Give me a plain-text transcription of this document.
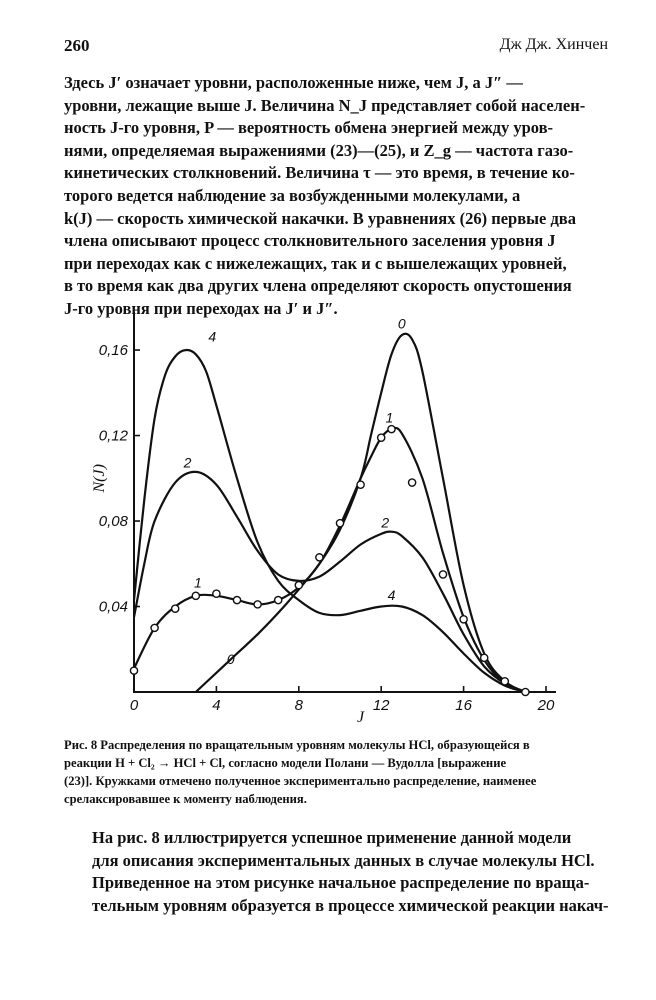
260	Дж Дж. Хинчен
Здесь J′ означает уровни, расположенные ниже, чем J, а J″ —
уровни, лежащие выше J. Величина N_J представляет собой населен-
ность J-го уровня, P — вероятность обмена энергией между уров-
нями, определяемая выражениями (23)—(25), и Z_g — частота газо-
кинетических столкновений. Величина τ — это время, в течение ко-
торого ведется наблюдение за возбужденными молекулами, а
k(J) — скорость химической накачки. В уравнениях (26) первые два
члена описывают процесс столкновительного заселения уровня J
при переходах как с нижележащих, так и с вышележащих уровней,
в то время как два других члена определяют скорость опустошения
J-го уровня при переходах на J′ и J″.
0	4	8	12	16	20
0,04
0,08
0,12
0,16
J
N(J)
4
2
1
0
1
2
4
0
Рис. 8 Распределения по вращательным уровням молекулы HCl, образующейся в
реакции H + Cl₂ → HCl + Cl, согласно модели Полани — Вудолла [выражение
(23)]. Кружками отмечено полученное экспериментально распределение, наименее
срелаксировавшее к моменту наблюдения.
На рис. 8 иллюстрируется успешное применение данной модели
для описания экспериментальных данных в случае молекулы HCl.
Приведенное на этом рисунке начальное распределение по враща-
тельным уровням образуется в процессе химической реакции накач-
